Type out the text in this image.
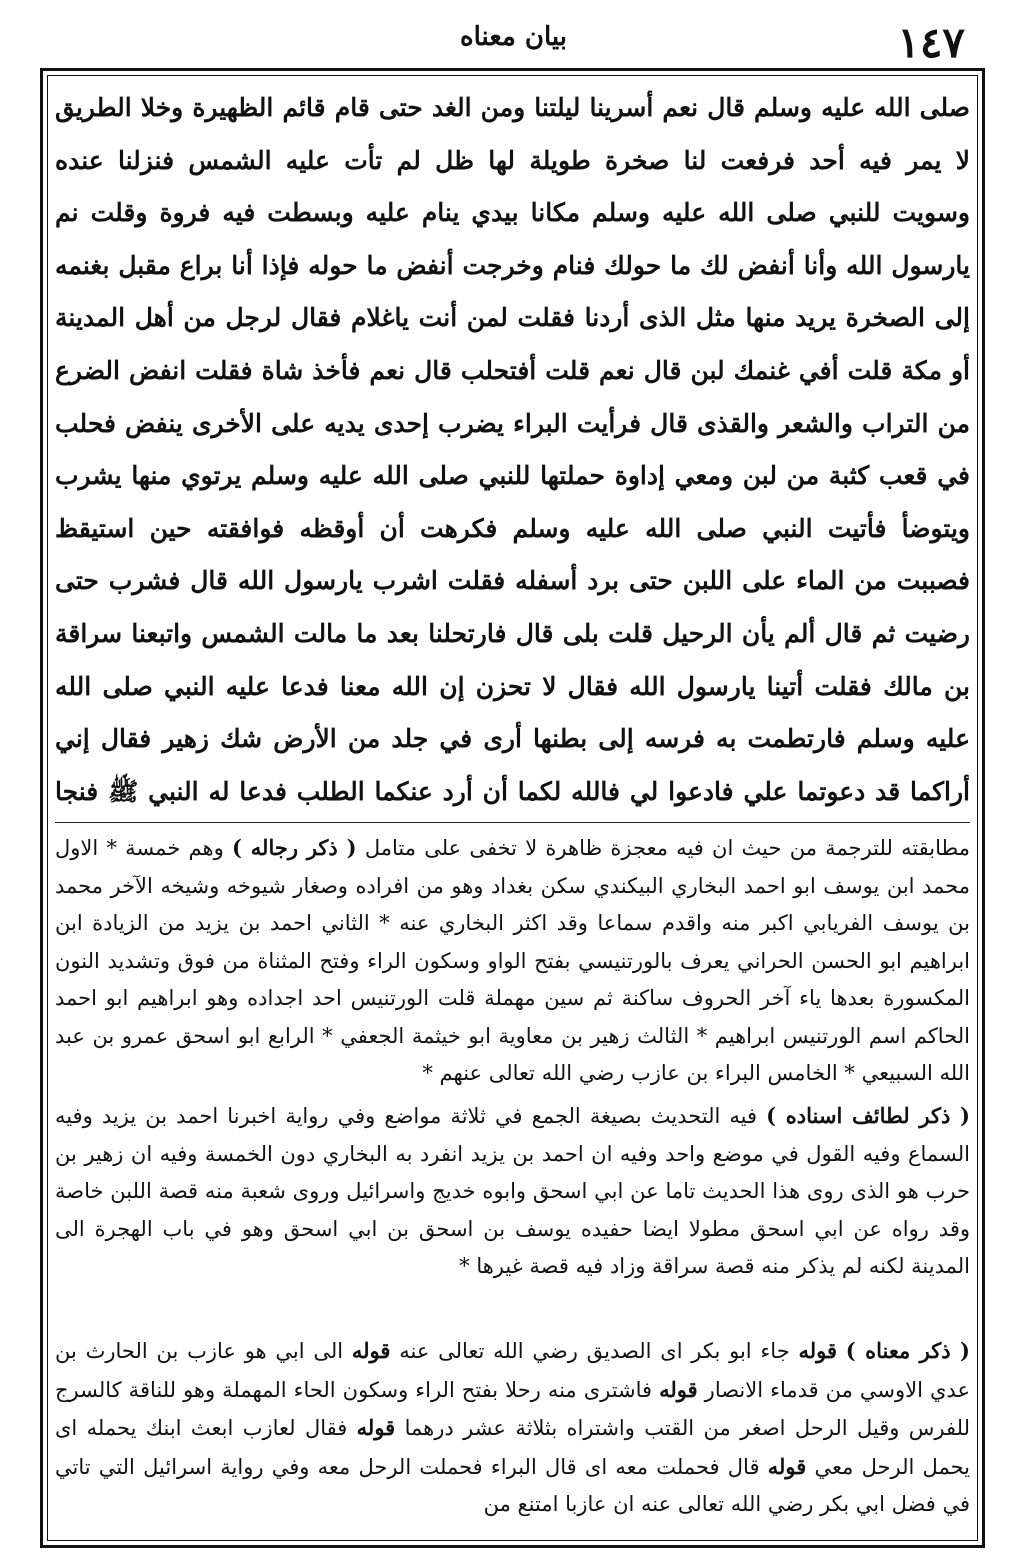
١٤٧
بيان معناه

صلى الله عليه وسلم قال نعم أسرينا ليلتنا ومن الغد حتى قام قائم الظهيرة وخلا الطريق لا يمر فيه أحد فرفعت لنا صخرة طويلة لها ظل لم تأت عليه الشمس فنزلنا عنده وسويت للنبي صلى الله عليه وسلم مكانا بيدي ينام عليه وبسطت فيه فروة وقلت نم يارسول الله وأنا أنفض لك ما حولك فنام وخرجت أنفض ما حوله فإذا أنا براع مقبل بغنمه إلى الصخرة يريد منها مثل الذى أردنا فقلت لمن أنت ياغلام فقال لرجل من أهل المدينة أو مكة قلت أفي غنمك لبن قال نعم قلت أفتحلب قال نعم فأخذ شاة فقلت انفض الضرع من التراب والشعر والقذى قال فرأيت البراء يضرب إحدى يديه على الأخرى ينفض فحلب في قعب كثبة من لبن ومعي إداوة حملتها للنبي صلى الله عليه وسلم يرتوي منها يشرب ويتوضأ فأتيت النبي صلى الله عليه وسلم فكرهت أن أوقظه فوافقته حين استيقظ فصببت من الماء على اللبن حتى برد أسفله فقلت اشرب يارسول الله قال فشرب حتى رضيت ثم قال ألم يأن الرحيل قلت بلى قال فارتحلنا بعد ما مالت الشمس واتبعنا سراقة بن مالك فقلت أتينا يارسول الله فقال لا تحزن إن الله معنا فدعا عليه النبي صلى الله عليه وسلم فارتطمت به فرسه إلى بطنها أرى في جلد من الأرض شك زهير فقال إني أراكما قد دعوتما علي فادعوا لي فالله لكما أن أرد عنكما الطلب فدعا له النبي ﷺ فنجا

مطابقته للترجمة من حيث ان فيه معجزة ظاهرة لا تخفى على متامل ( ذكر رجاله ) وهم خمسة * الاول محمد ابن يوسف ابو احمد البخاري البيكندي سكن بغداد وهو من افراده وصغار شيوخه وشيخه الآخر محمد بن يوسف الفريابي اكبر منه واقدم سماعا وقد اكثر البخاري عنه * الثاني احمد بن يزيد من الزيادة ابن ابراهيم ابو الحسن الحراني يعرف بالورتنيسي بفتح الواو وسكون الراء وفتح المثناة من فوق وتشديد النون المكسورة بعدها ياء آخر الحروف ساكنة ثم سين مهملة قلت الورتنيس احد اجداده وهو ابراهيم ابو احمد الحاكم اسم الورتنيس ابراهيم * الثالث زهير بن معاوية ابو خيثمة الجعفي * الرابع ابو اسحق عمرو بن عبد الله السبيعي * الخامس البراء بن عازب رضي الله تعالى عنهم *

( ذكر لطائف اسناده ) فيه التحديث بصيغة الجمع في ثلاثة مواضع وفي رواية اخبرنا احمد بن يزيد وفيه السماع وفيه القول في موضع واحد وفيه ان احمد بن يزيد انفرد به البخاري دون الخمسة وفيه ان زهير بن حرب هو الذى روى هذا الحديث تاما عن ابي اسحق وابوه خديج واسرائيل وروى شعبة منه قصة اللبن خاصة وقد رواه عن ابي اسحق مطولا ايضا حفيده يوسف بن اسحق بن ابي اسحق وهو في باب الهجرة الى المدينة لكنه لم يذكر منه قصة سراقة وزاد فيه قصة غيرها *

( ذكر معناه ) قوله جاء ابو بكر اى الصديق رضي الله تعالى عنه قوله الى ابي هو عازب بن الحارث بن عدي الاوسي من قدماء الانصار قوله فاشترى منه رحلا بفتح الراء وسكون الحاء المهملة وهو للناقة كالسرج للفرس وقيل الرحل اصغر من القتب واشتراه بثلاثة عشر درهما قوله فقال لعازب ابعث ابنك يحمله اى يحمل الرحل معي قوله قال فحملت معه اى قال البراء فحملت الرحل معه وفي رواية اسرائيل التي تاتي في فضل ابي بكر رضي الله تعالى عنه ان عازبا امتنع من
